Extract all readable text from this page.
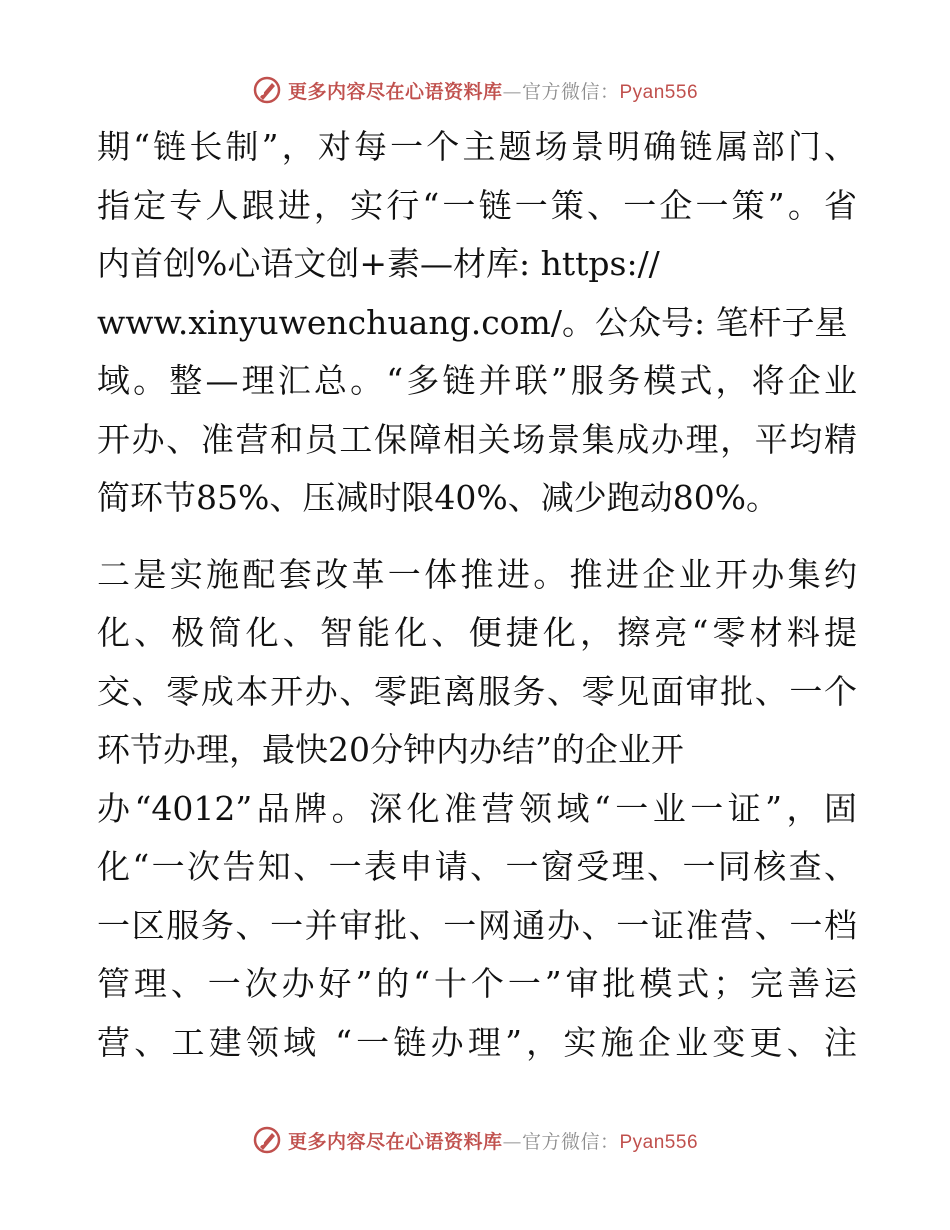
更多内容尽在心语资料库—官方微信：Pyan556
期“链长制”，对每一个主题场景明确链属部门、
指定专人跟进，实行“一链一策、一企一策”。省
内首创%心语文创+素—材库: https://
www.xinyuwenchuang.com/。公众号: 笔杆子星
域。整—理汇总。“多链并联”服务模式，将企业
开办、准营和员工保障相关场景集成办理，平均精
简环节85%、压减时限40%、减少跑动80%。
二是实施配套改革一体推进。推进企业开办集约
化、极简化、智能化、便捷化，擦亮“零材料提
交、零成本开办、零距离服务、零见面审批、一个
环节办理，最快20分钟内办结”的企业开
办“4012”品牌。深化准营领域“一业一证”，固
化“一次告知、一表申请、一窗受理、一同核查、
一区服务、一并审批、一网通办、一证准营、一档
管理、一次办好”的“十个一”审批模式；完善运
营、工建领域 “一链办理”，实施企业变更、注
更多内容尽在心语资料库—官方微信：Pyan556
